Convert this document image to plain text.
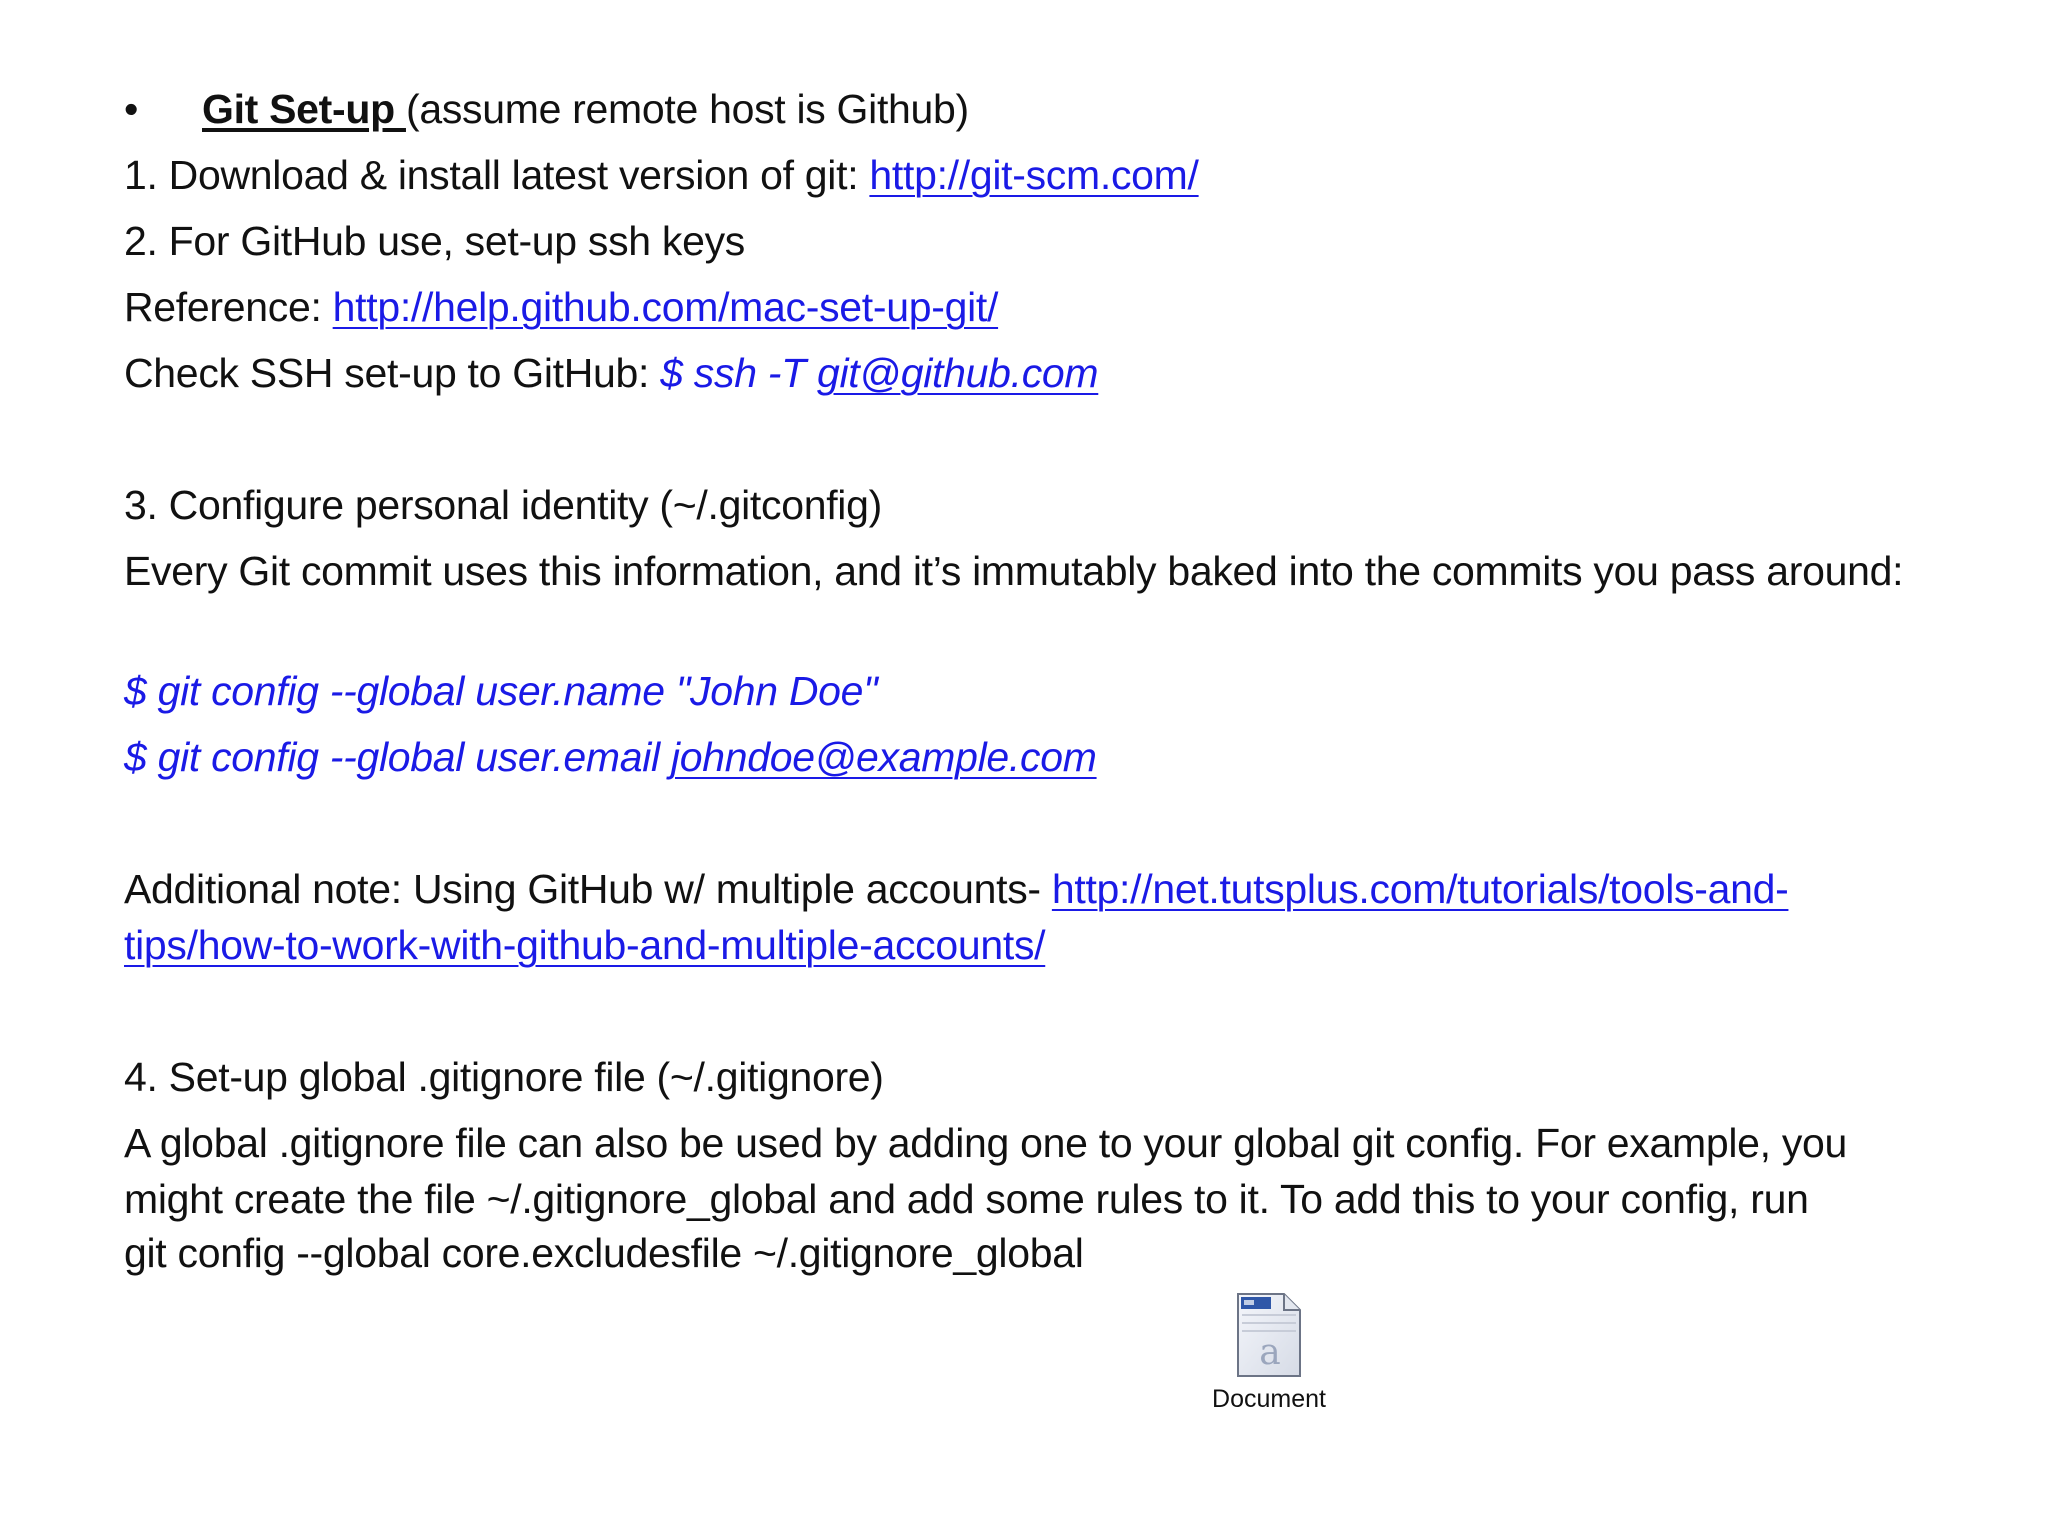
• Git Set-up (assume remote host is Github)
1. Download & install latest version of git: http://git-scm.com/
2. For GitHub use, set-up ssh keys
Reference: http://help.github.com/mac-set-up-git/
Check SSH set-up to GitHub: $ ssh -T git@github.com
3. Configure personal identity (~/.gitconfig)
Every Git commit uses this information, and it’s immutably baked into the commits you pass around:
$ git config --global user.name "John Doe"
$ git config --global user.email johndoe@example.com
Additional note: Using GitHub w/ multiple accounts- http://net.tutsplus.com/tutorials/tools-and-
tips/how-to-work-with-github-and-multiple-accounts/
4. Set-up global .gitignore file (~/.gitignore)
A global .gitignore file can also be used by adding one to your global git config. For example, you
might create the file ~/.gitignore_global and add some rules to it. To add this to your config, run
git config --global core.excludesfile ~/.gitignore_global
a
Document
